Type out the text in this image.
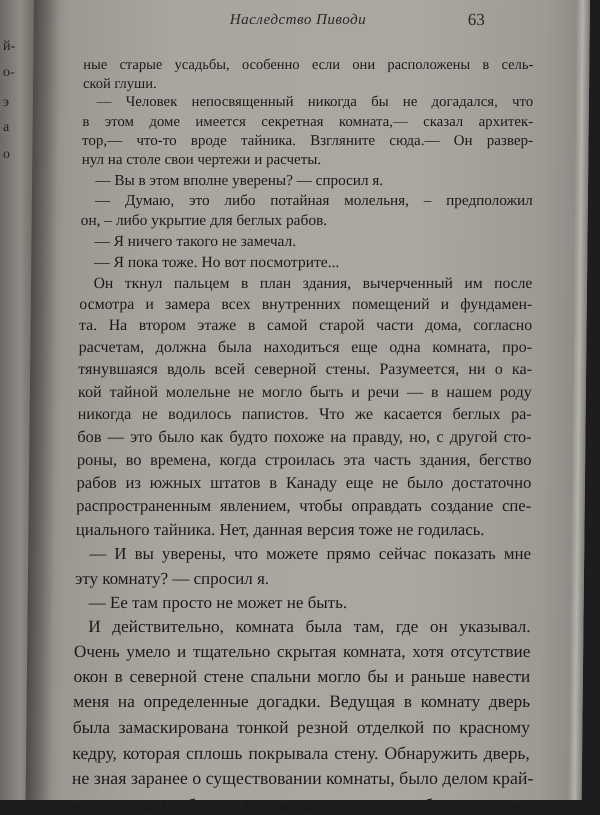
й-
о-
э
а
о
Наследство Пиводи	63
ные старые усадьбы, особенно если они расположены в сель-
ской глуши.
— Человек непосвященный никогда бы не догадался, что
в этом доме имеется секретная комната,— сказал архитек-
тор,— что-то вроде тайника. Взгляните сюда.— Он развер-
нул на столе свои чертежи и расчеты.
— Вы в этом вполне уверены? — спросил я.
— Думаю, это либо потайная молельня, – предположил
он, – либо укрытие для беглых рабов.
— Я ничего такого не замечал.
— Я пока тоже. Но вот посмотрите...
Он ткнул пальцем в план здания, вычерченный им после
осмотра и замера всех внутренних помещений и фундамен-
та. На втором этаже в самой старой части дома, согласно
расчетам, должна была находиться еще одна комната, про-
тянувшаяся вдоль всей северной стены. Разумеется, ни о ка-
кой тайной молельне не могло быть и речи — в нашем роду
никогда не водилось папистов. Что же касается беглых ра-
бов — это было как будто похоже на правду, но, с другой сто-
роны, во времена, когда строилась эта часть здания, бегство
рабов из южных штатов в Канаду еще не было достаточно
распространенным явлением, чтобы оправдать создание спе-
циального тайника. Нет, данная версия тоже не годилась.
— И вы уверены, что можете прямо сейчас показать мне
эту комнату? — спросил я.
— Ее там просто не может не быть.
И действительно, комната была там, где он указывал.
Очень умело и тщательно скрытая комната, хотя отсутствие
окон в северной стене спальни могло бы и раньше навести
меня на определенные догадки. Ведущая в комнату дверь
была замаскирована тонкой резной отделкой по красному
кедру, которая сплошь покрывала стену. Обнаружить дверь,
не зная заранее о существовании комнаты, было делом край-
не сложным, ибо она не имела ничего, хотя бы отдаленно
